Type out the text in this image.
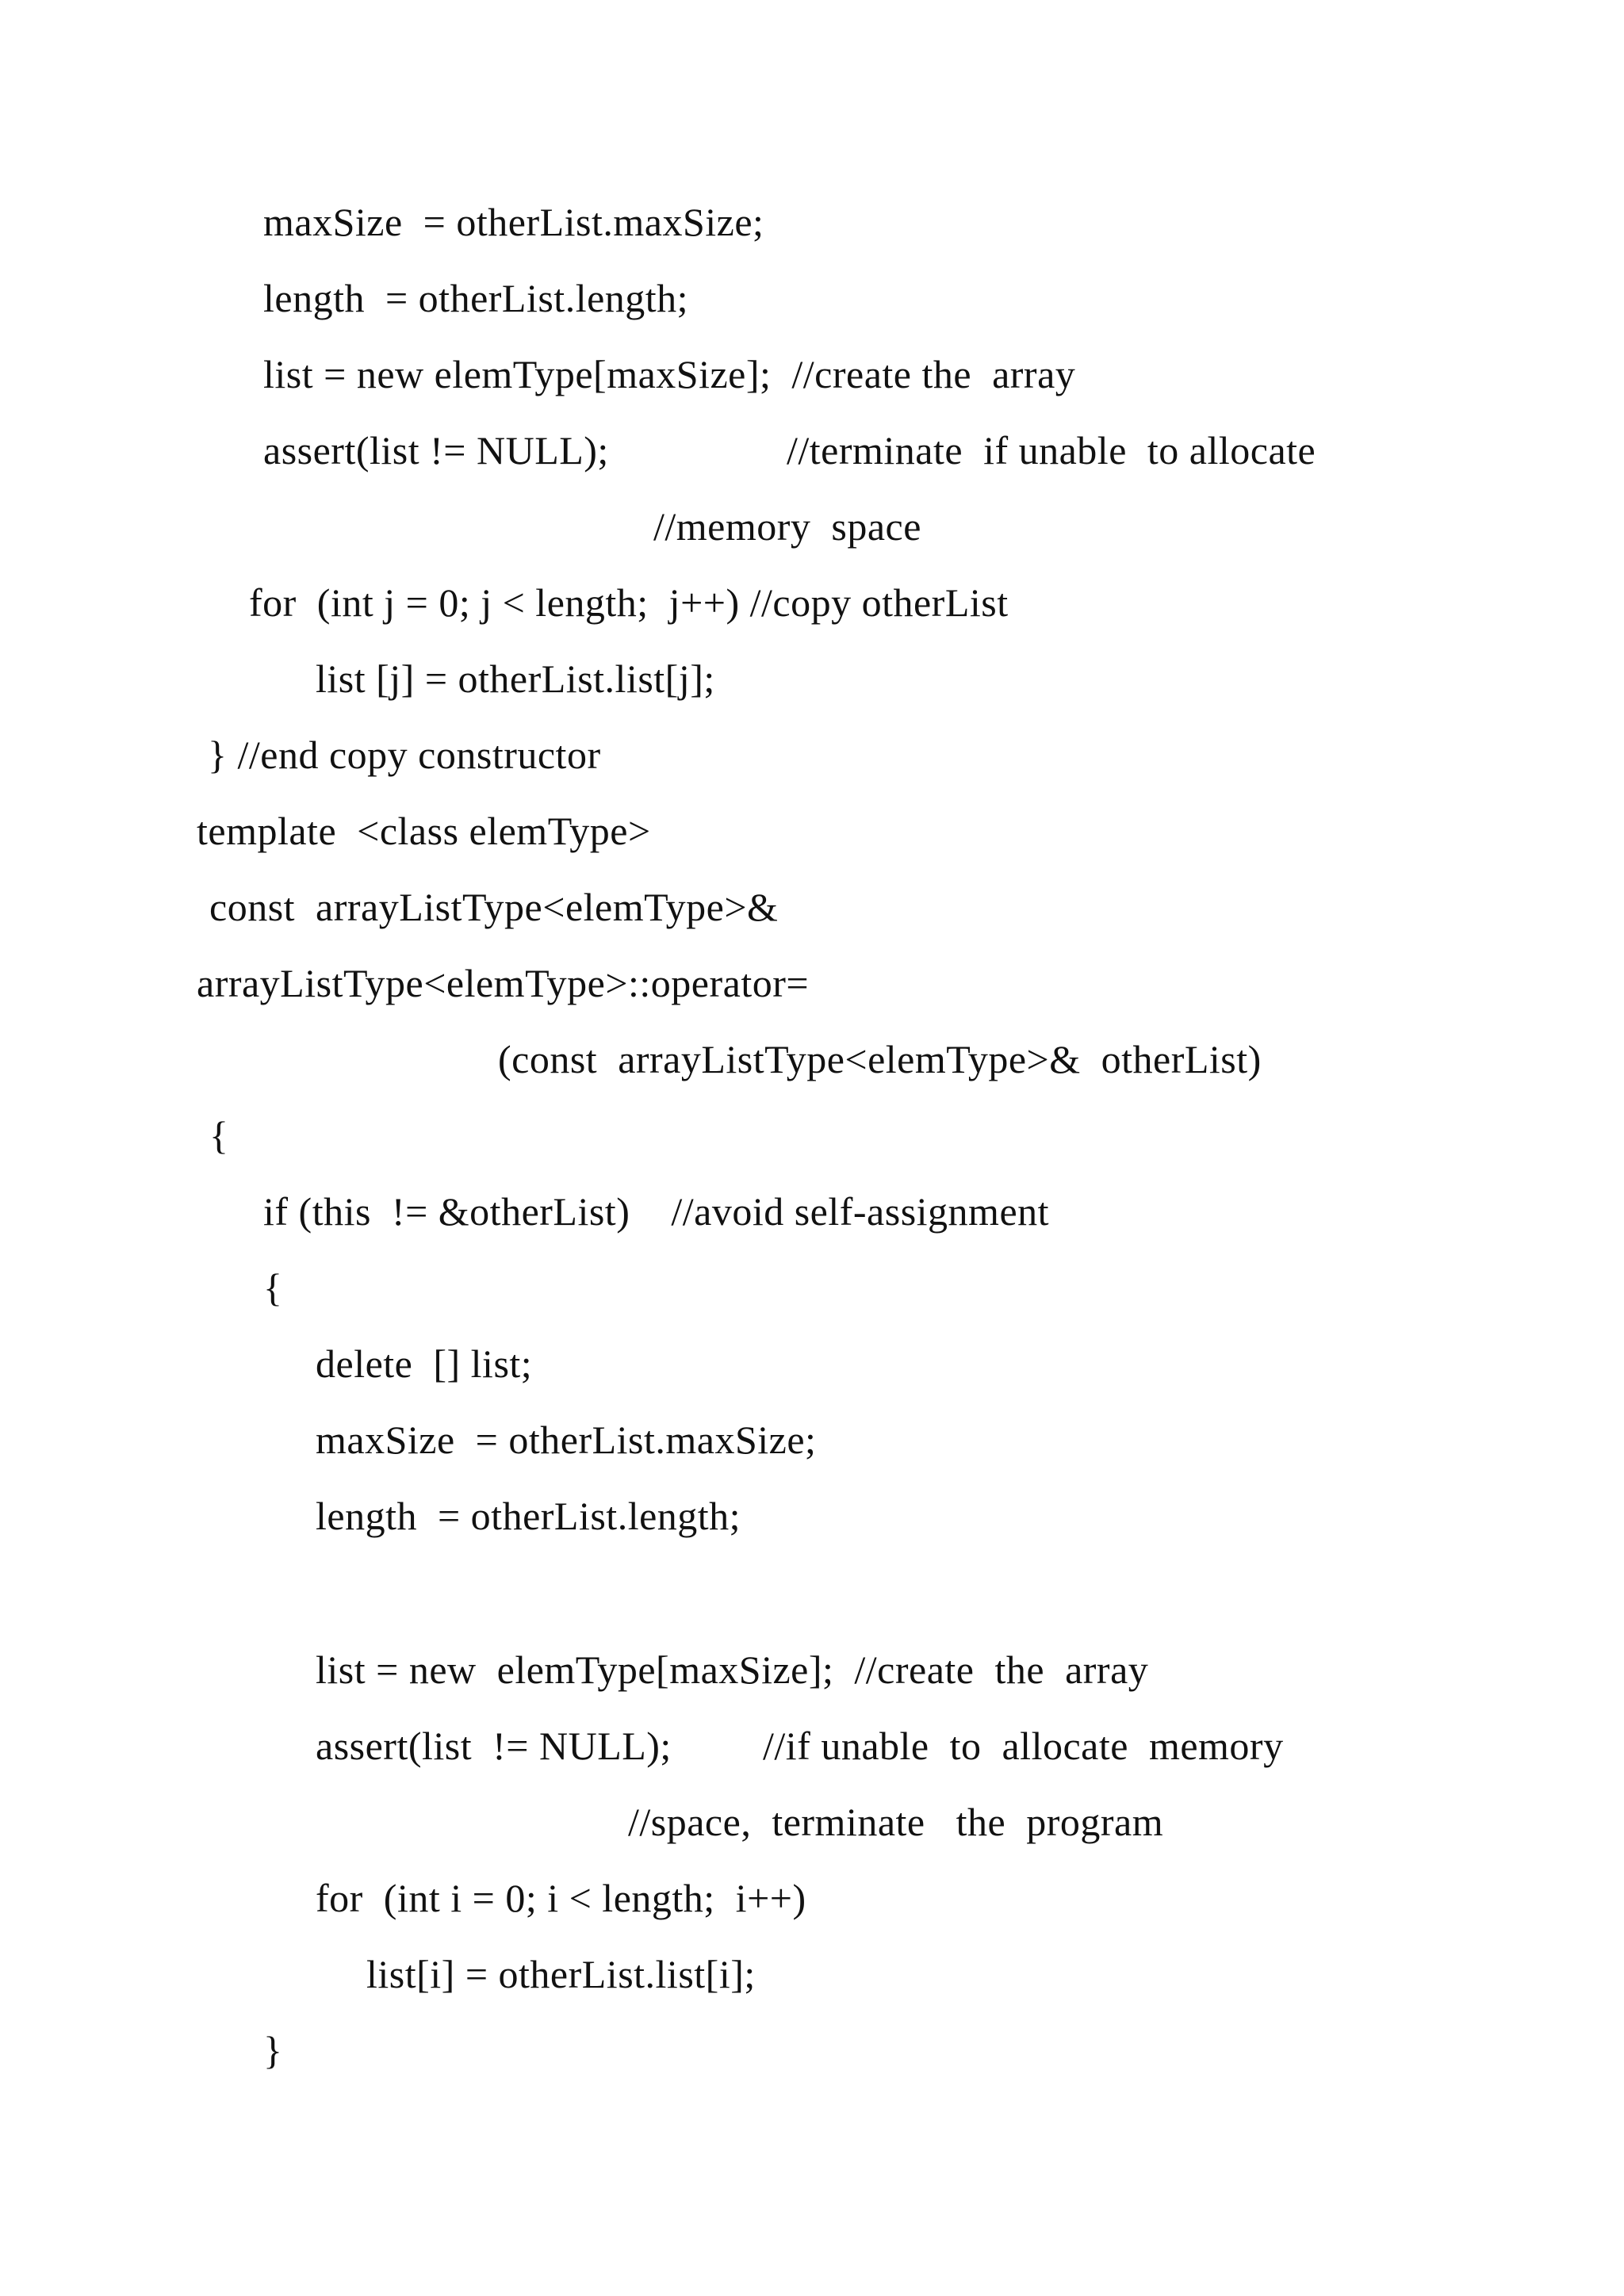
maxSize  = otherList.maxSize;
length  = otherList.length;
list = new elemType[maxSize];  //create the  array
assert(list != NULL);	//terminate  if unable  to allocate
//memory  space
for  (int j = 0; j < length;  j++) //copy otherList
list [j] = otherList.list[j];
} //end copy constructor
template  <class elemType>
const  arrayListType<elemType>&
arrayListType<elemType>::operator=
(const  arrayListType<elemType>&  otherList)
{
if (this  != &otherList)    //avoid self-assignment
{
delete  [] list;
maxSize  = otherList.maxSize;
length  = otherList.length;
list = new  elemType[maxSize];  //create  the  array
assert(list  != NULL); //if unable  to  allocate  memory
//space,  terminate   the  program
for  (int i = 0; i < length;  i++)
list[i] = otherList.list[i];
}
